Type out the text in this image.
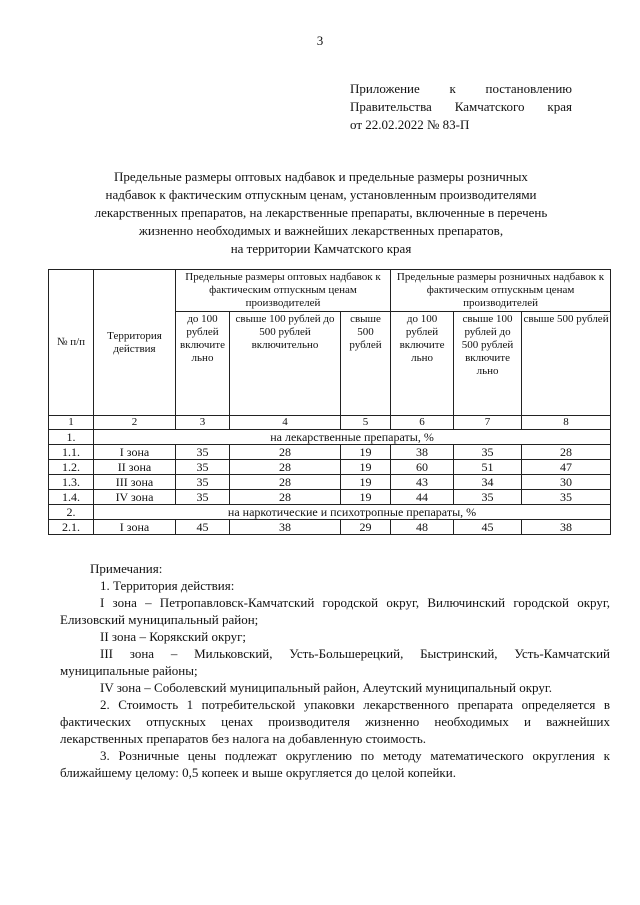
3
Приложение к постановлению
Правительства Камчатского края
от 22.02.2022 № 83-П
Предельные размеры оптовых надбавок и предельные размеры розничных
надбавок к фактическим отпускным ценам, установленным производителями
лекарственных препаратов, на лекарственные препараты, включенные в перечень
жизненно необходимых и важнейших лекарственных препаратов,
на территории Камчатского края
№ п/п	Территория действия	Предельные размеры оптовых надбавок к фактическим отпускным ценам производителей			Предельные размеры розничных надбавок к фактическим отпускным ценам производителей		
		до 100 рублей включите льно	свыше 100 рублей до 500 рублей включительно	свыше 500 рублей	до 100 рублей включите льно	свыше 100 рублей до 500 рублей включите льно	свыше 500 рублей
1	2	3	4	5	6	7	8
1.	на лекарственные препараты, %						
1.1.	I зона	35	28	19	38	35	28
1.2.	II зона	35	28	19	60	51	47
1.3.	III зона	35	28	19	43	34	30
1.4.	IV зона	35	28	19	44	35	35
2.	на наркотические и психотропные препараты, %						
2.1.	I зона	45	38	29	48	45	38

Примечания:

1. Территория действия:

I зона – Петропавловск-Камчатский городской округ, Вилючинский городской округ, Елизовский муниципальный район;

II зона – Корякский округ;

III зона – Мильковский, Усть-Большерецкий, Быстринский, Усть-Камчатский муниципальные районы;

IV зона – Соболевский муниципальный район, Алеутский муниципальный округ.

2. Стоимость 1 потребительской упаковки лекарственного препарата определяется в фактических отпускных ценах производителя жизненно необходимых и важнейших лекарственных препаратов без налога на добавленную стоимость.

3. Розничные цены подлежат округлению по методу математического округления к ближайшему целому: 0,5 копеек и выше округляется до целой копейки.
